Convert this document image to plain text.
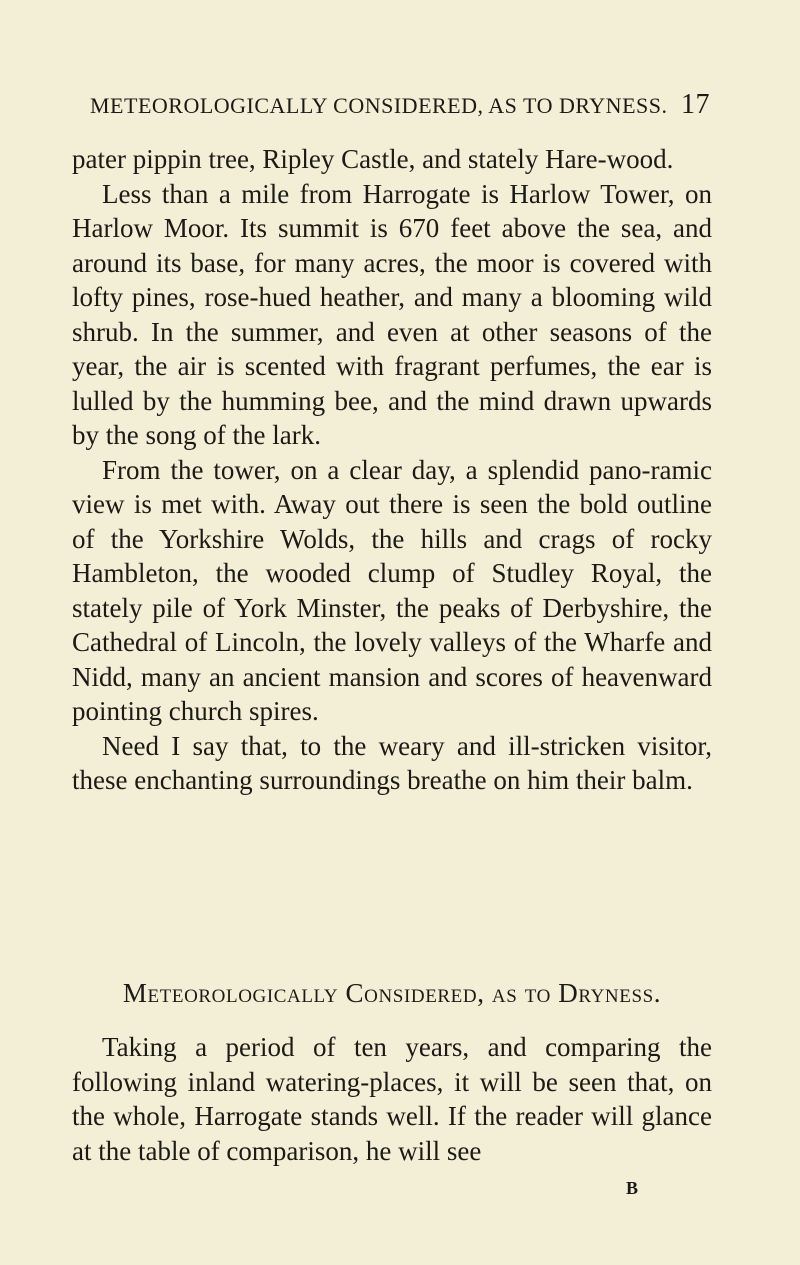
METEOROLOGICALLY CONSIDERED, AS TO DRYNESS. 17

pater pippin tree, Ripley Castle, and stately Hare-wood.

Less than a mile from Harrogate is Harlow Tower, on Harlow Moor. Its summit is 670 feet above the sea, and around its base, for many acres, the moor is covered with lofty pines, rose-hued heather, and many a blooming wild shrub. In the summer, and even at other seasons of the year, the air is scented with fragrant perfumes, the ear is lulled by the humming bee, and the mind drawn upwards by the song of the lark.

From the tower, on a clear day, a splendid pano-ramic view is met with. Away out there is seen the bold outline of the Yorkshire Wolds, the hills and crags of rocky Hambleton, the wooded clump of Studley Royal, the stately pile of York Minster, the peaks of Derbyshire, the Cathedral of Lincoln, the lovely valleys of the Wharfe and Nidd, many an ancient mansion and scores of heavenward pointing church spires.

Need I say that, to the weary and ill-stricken visitor, these enchanting surroundings breathe on him their balm.

Meteorologically Considered, as to Dryness.

Taking a period of ten years, and comparing the following inland watering-places, it will be seen that, on the whole, Harrogate stands well. If the reader will glance at the table of comparison, he will see

B
